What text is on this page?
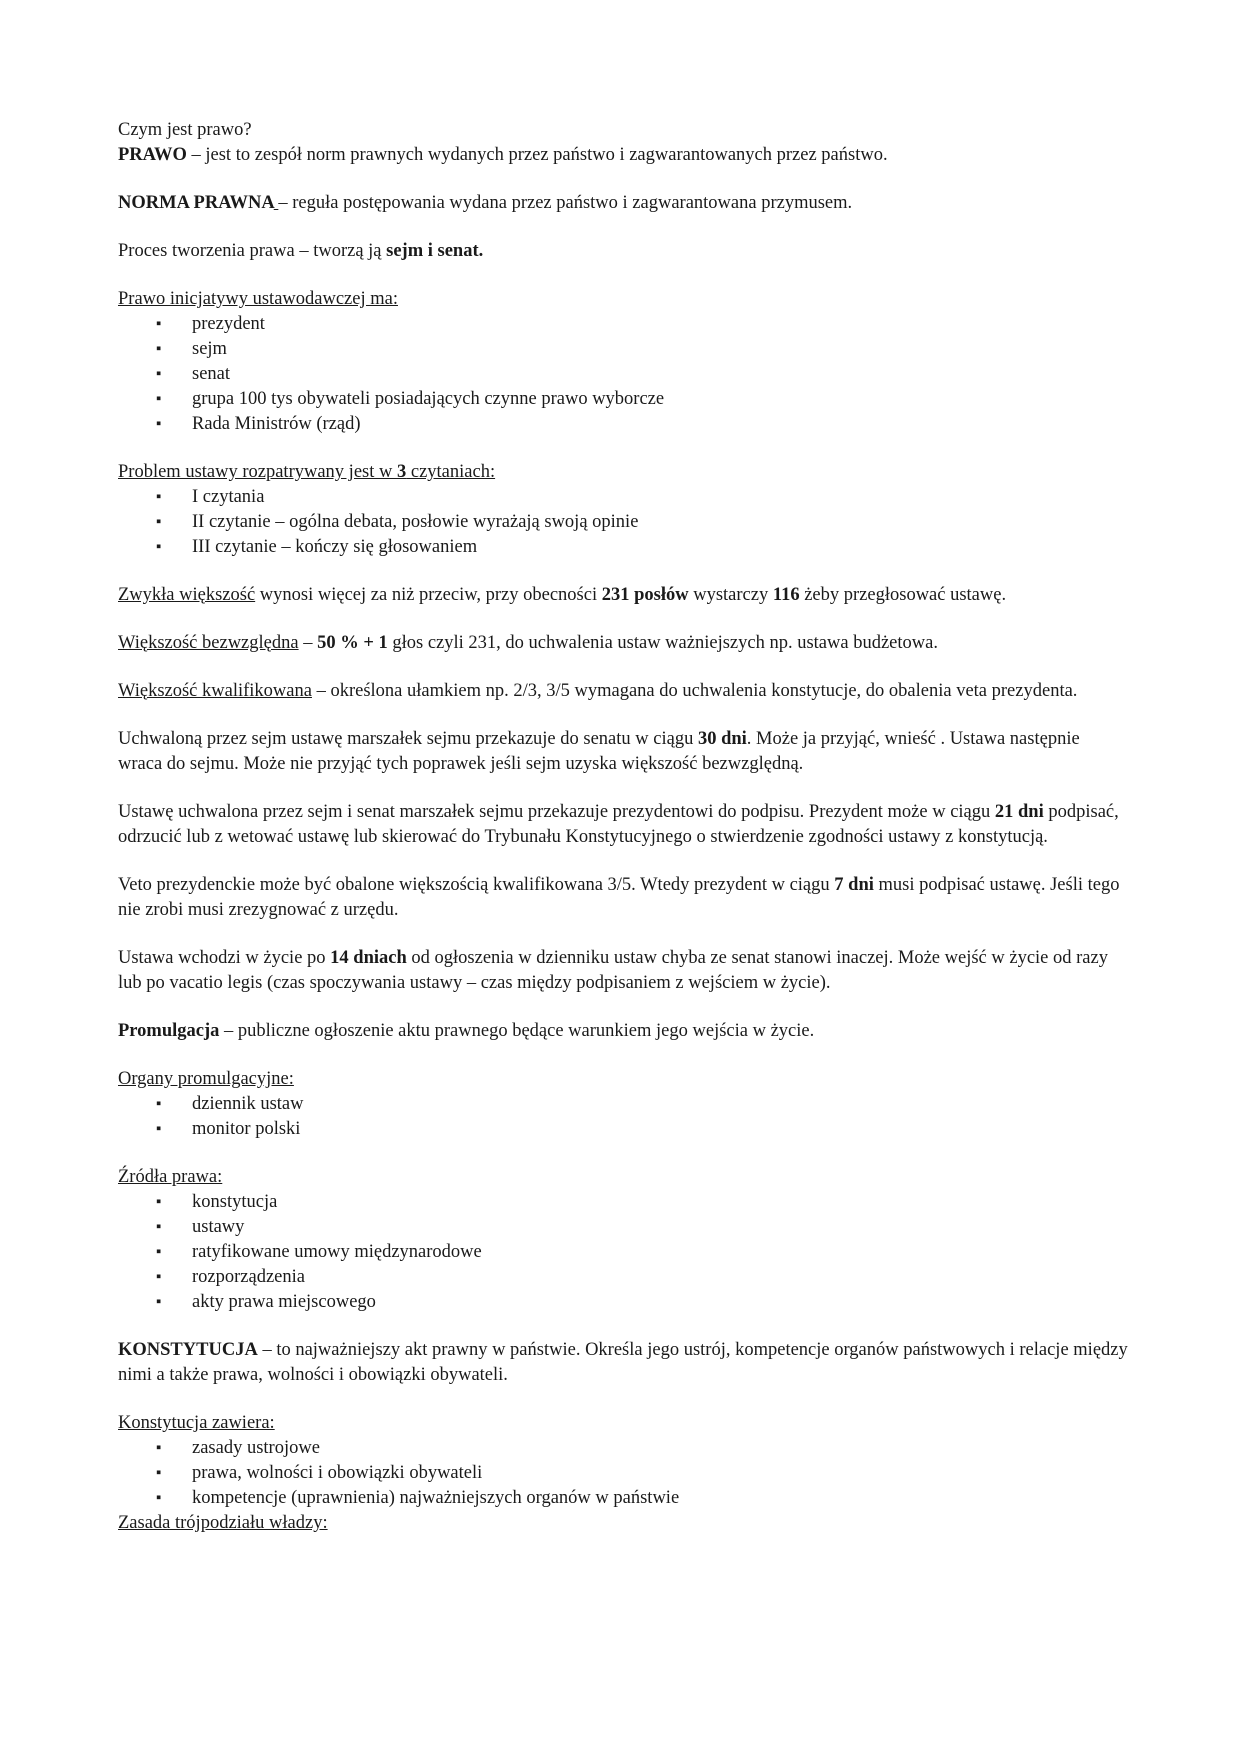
Czym jest prawo?

PRAWO – jest to zespół norm prawnych wydanych przez państwo i zagwarantowanych przez państwo.

NORMA PRAWNA – reguła postępowania wydana przez państwo i zagwarantowana przymusem.

Proces tworzenia prawa – tworzą ją sejm i senat.

Prawo inicjatywy ustawodawczej ma:

▪ prezydent
▪ sejm
▪ senat
▪ grupa 100 tys obywateli posiadających czynne prawo wyborcze
▪ Rada Ministrów (rząd)

Problem ustawy rozpatrywany jest w 3 czytaniach:

▪ I czytania
▪ II czytanie – ogólna debata, posłowie wyrażają swoją opinie
▪ III czytanie – kończy się głosowaniem

Zwykła większość wynosi więcej za niż przeciw, przy obecności 231 posłów wystarczy 116 żeby przegłosować ustawę.

Większość bezwzględna – 50 % + 1 głos czyli 231, do uchwalenia ustaw ważniejszych np. ustawa budżetowa.

Większość kwalifikowana – określona ułamkiem np. 2/3, 3/5 wymagana do uchwalenia konstytucje, do obalenia veta prezydenta.

Uchwaloną przez sejm ustawę marszałek sejmu przekazuje do senatu w ciągu 30 dni. Może ja przyjąć, wnieść . Ustawa następnie wraca do sejmu. Może nie przyjąć tych poprawek jeśli sejm uzyska większość bezwzględną.

Ustawę uchwalona przez sejm i senat marszałek sejmu przekazuje prezydentowi do podpisu. Prezydent może w ciągu 21 dni podpisać, odrzucić lub z wetować ustawę lub skierować do Trybunału Konstytucyjnego o stwierdzenie zgodności ustawy z konstytucją.

Veto prezydenckie może być obalone większością kwalifikowana 3/5. Wtedy prezydent w ciągu 7 dni musi podpisać ustawę. Jeśli tego nie zrobi musi zrezygnować z urzędu.

Ustawa wchodzi w życie po 14 dniach od ogłoszenia w dzienniku ustaw chyba ze senat stanowi inaczej. Może wejść w życie od razy lub po vacatio legis (czas spoczywania ustawy – czas między podpisaniem z wejściem w życie).

Promulgacja – publiczne ogłoszenie aktu prawnego będące warunkiem jego wejścia w życie.

Organy promulgacyjne:

▪ dziennik ustaw
▪ monitor polski

Źródła prawa:

▪ konstytucja
▪ ustawy
▪ ratyfikowane umowy międzynarodowe
▪ rozporządzenia
▪ akty prawa miejscowego

KONSTYTUCJA – to najważniejszy akt prawny w państwie. Określa jego ustrój, kompetencje organów państwowych i relacje między nimi a także prawa, wolności i obowiązki obywateli.

Konstytucja zawiera:

▪ zasady ustrojowe
▪ prawa, wolności i obowiązki obywateli
▪ kompetencje (uprawnienia) najważniejszych organów w państwie

Zasada trójpodziału władzy:
